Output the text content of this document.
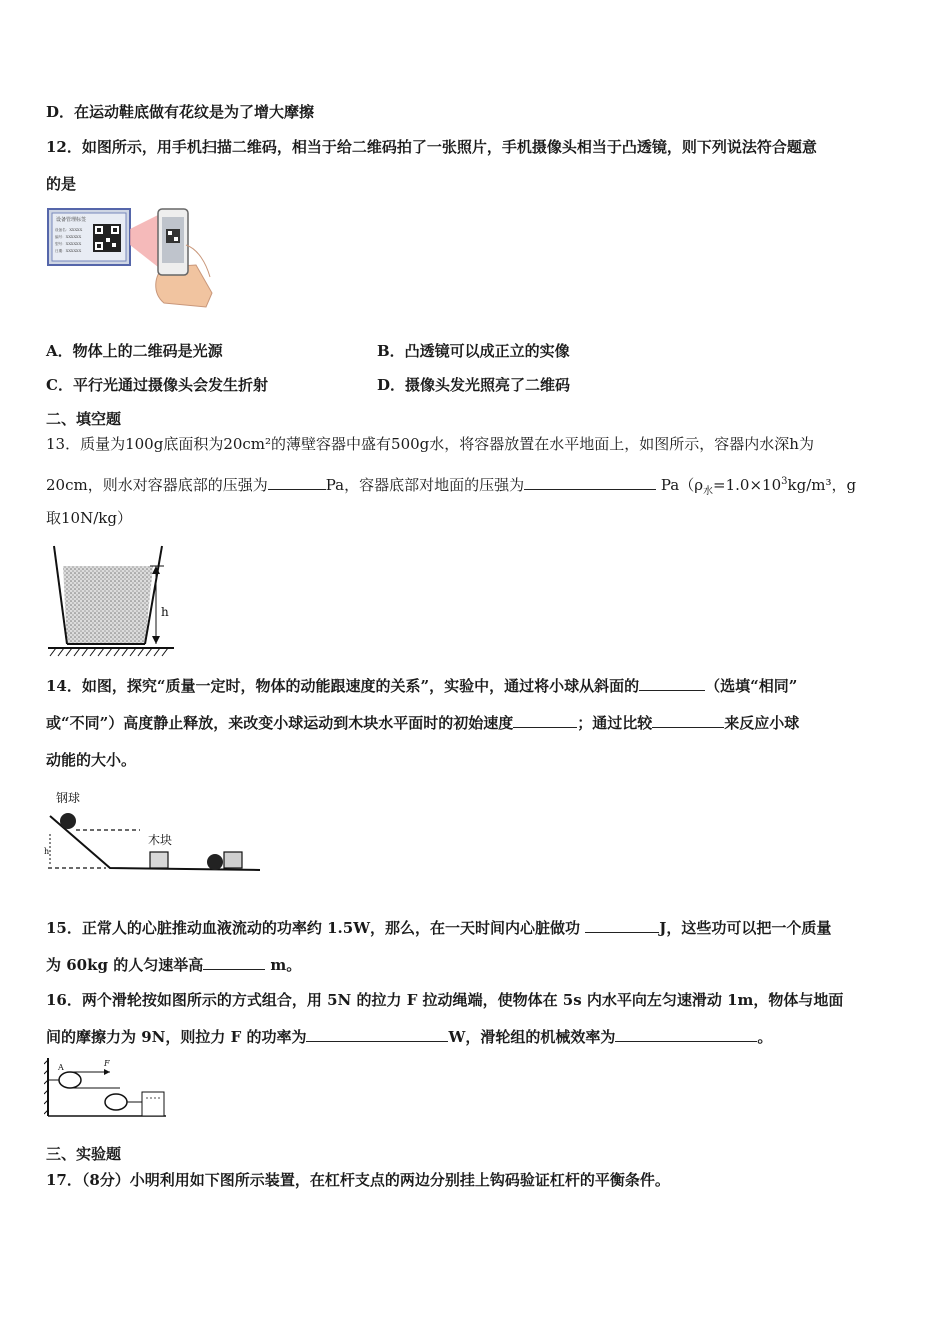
D．在运动鞋底做有花纹是为了增大摩擦
12．如图所示，用手机扫描二维码，相当于给二维码拍了一张照片，手机摄像头相当于凸透镜，则下列说法符合题意
的是
设备管理标签
设备名：XXXXX
编号：XXXXXX
型号：XXXXXX
日期：XXXXXX
A．物体上的二维码是光源	B．凸透镜可以成正立的实像
C．平行光通过摄像头会发生折射	D．摄像头发光照亮了二维码
二、填空题
13．质量为100g底面积为20cm²的薄壁容器中盛有500g水，将容器放置在水平地面上，如图所示，容器内水深h为
20cm，则水对容器底部的压强为	Pa，容器底部对地面的压强为	$Pa(\rho_水=1.0\times 10^3kg/m^3$，g
取10N/kg）
h
14．如图，探究“质量一定时，物体的动能跟速度的关系”，实验中，通过将小球从斜面的	（选填“相同”
或“不同”）高度静止释放，来改变小球运动到木块水平面时的初始速度	；通过比较	来反应小球
动能的大小。
钢球
木块
h
15．正常人的心脏推动血液流动的功率约 1.5W，那么，在一天时间内心脏做功	J，这些功可以把一个质量
为 60kg 的人匀速举高	m。
16．两个滑轮按如图所示的方式组合，用 5N 的拉力 F 拉动绳端，使物体在 5s 内水平向左匀速滑动 1m，物体与地面
间的摩擦力为 9N，则拉力 F 的功率为	W，滑轮组的机械效率为	。
A	F
三、实验题
17．（8分）小明利用如下图所示装置，在杠杆支点的两边分别挂上钩码验证杠杆的平衡条件。
